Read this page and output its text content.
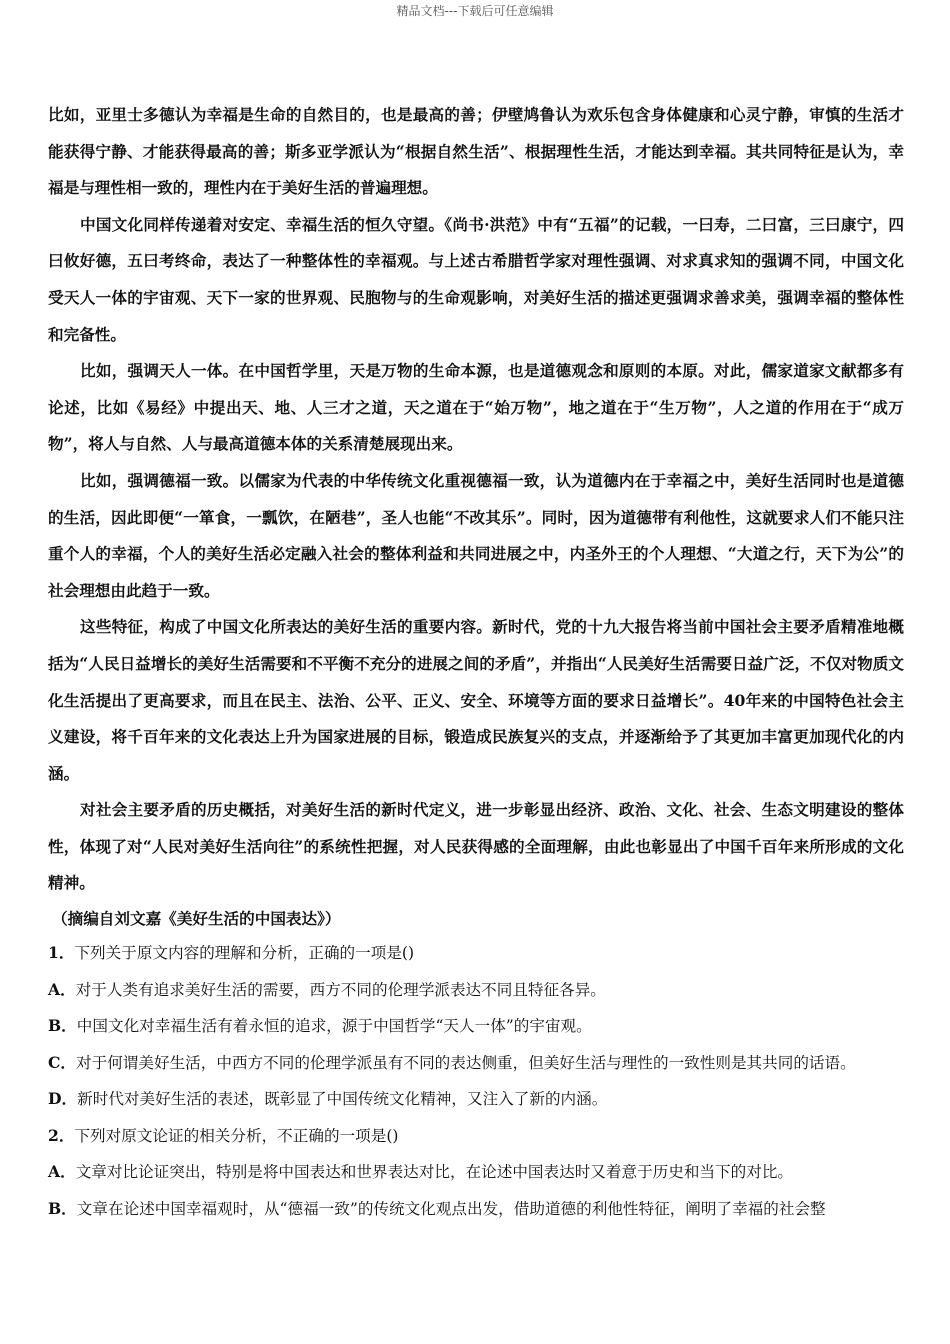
精品文档---下载后可任意编辑

比如，亚里士多德认为幸福是生命的自然目的，也是最高的善；伊壁鸠鲁认为欢乐包含身体健康和心灵宁静，审慎的生活才能获得宁静、才能获得最高的善；斯多亚学派认为“根据自然生活”、根据理性生活，才能达到幸福。其共同特征是认为，幸福是与理性相一致的，理性内在于美好生活的普遍理想。

中国文化同样传递着对安定、幸福生活的恒久守望。《尚书·洪范》中有“五福”的记载，一曰寿，二曰富，三曰康宁，四曰攸好德，五曰考终命，表达了一种整体性的幸福观。与上述古希腊哲学家对理性强调、对求真求知的强调不同，中国文化受天人一体的宇宙观、天下一家的世界观、民胞物与的生命观影响，对美好生活的描述更强调求善求美，强调幸福的整体性和完备性。

比如，强调天人一体。在中国哲学里，天是万物的生命本源，也是道德观念和原则的本原。对此，儒家道家文献都多有论述，比如《易经》中提出天、地、人三才之道，天之道在于“始万物”，地之道在于“生万物”，人之道的作用在于“成万物”，将人与自然、人与最高道德本体的关系清楚展现出来。

比如，强调德福一致。以儒家为代表的中华传统文化重视德福一致，认为道德内在于幸福之中，美好生活同时也是道德的生活，因此即便“一箪食，一瓢饮，在陋巷”，圣人也能“不改其乐”。同时，因为道德带有利他性，这就要求人们不能只注重个人的幸福，个人的美好生活必定融入社会的整体利益和共同进展之中，内圣外王的个人理想、“大道之行，天下为公”的社会理想由此趋于一致。

这些特征，构成了中国文化所表达的美好生活的重要内容。新时代，党的十九大报告将当前中国社会主要矛盾精准地概括为“人民日益增长的美好生活需要和不平衡不充分的进展之间的矛盾”，并指出“人民美好生活需要日益广泛，不仅对物质文化生活提出了更高要求，而且在民主、法治、公平、正义、安全、环境等方面的要求日益增长”。40年来的中国特色社会主义建设，将千百年来的文化表达上升为国家进展的目标，锻造成民族复兴的支点，并逐渐给予了其更加丰富更加现代化的内涵。

对社会主要矛盾的历史概括，对美好生活的新时代定义，进一步彰显出经济、政治、文化、社会、生态文明建设的整体性，体现了对“人民对美好生活向往”的系统性把握，对人民获得感的全面理解，由此也彰显出了中国千百年来所形成的文化精神。

（摘编自刘文嘉《美好生活的中国表达》）

1．下列关于原文内容的理解和分析，正确的一项是()

A．对于人类有追求美好生活的需要，西方不同的伦理学派表达不同且特征各异。

B．中国文化对幸福生活有着永恒的追求，源于中国哲学“天人一体”的宇宙观。

C．对于何谓美好生活，中西方不同的伦理学派虽有不同的表达侧重，但美好生活与理性的一致性则是其共同的话语。

D．新时代对美好生活的表述，既彰显了中国传统文化精神，又注入了新的内涵。

2．下列对原文论证的相关分析，不正确的一项是()

A．文章对比论证突出，特别是将中国表达和世界表达对比，在论述中国表达时又着意于历史和当下的对比。

B．文章在论述中国幸福观时，从“德福一致”的传统文化观点出发，借助道德的利他性特征，阐明了幸福的社会整
